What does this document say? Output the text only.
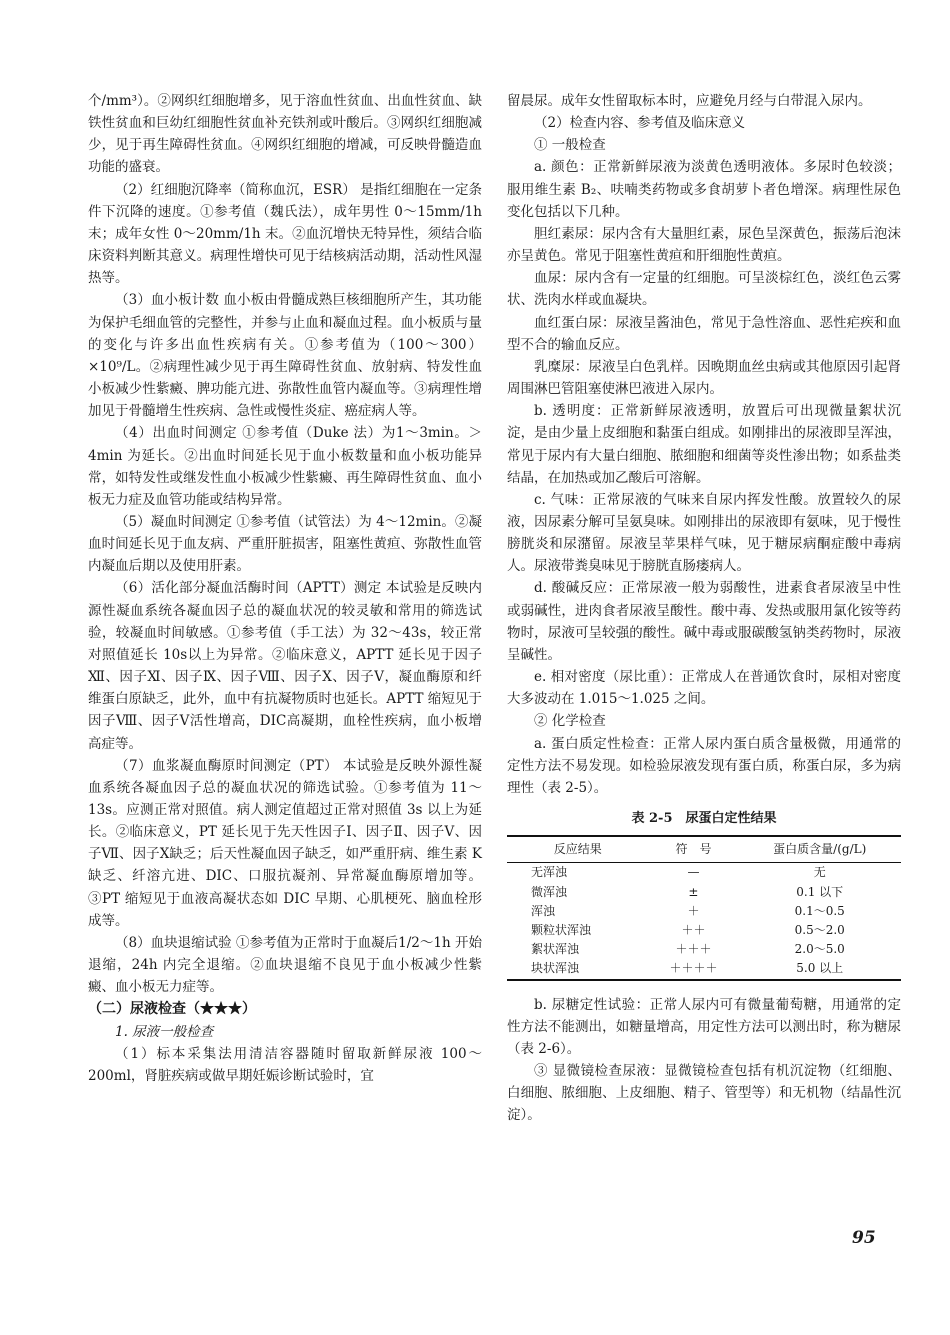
个/mm³）。②网织红细胞增多，见于溶血性贫血、出血性贫血、缺铁性贫血和巨幼红细胞性贫血补充铁剂或叶酸后。③网织红细胞减少，见于再生障碍性贫血。④网织红细胞的增减，可反映骨髓造血功能的盛衰。

（2）红细胞沉降率（简称血沉，ESR） 是指红细胞在一定条件下沉降的速度。①参考值（魏氏法），成年男性 0～15mm/1h 末；成年女性 0～20mm/1h 末。②血沉增快无特异性，须结合临床资料判断其意义。病理性增快可见于结核病活动期，活动性风湿热等。

（3）血小板计数 血小板由骨髓成熟巨核细胞所产生，其功能为保护毛细血管的完整性，并参与止血和凝血过程。血小板质与量的变化与许多出血性疾病有关。①参考值为（100～300）×10⁹/L。②病理性减少见于再生障碍性贫血、放射病、特发性血小板减少性紫癜、脾功能亢进、弥散性血管内凝血等。③病理性增加见于骨髓增生性疾病、急性或慢性炎症、癌症病人等。

（4）出血时间测定 ①参考值（Duke 法）为1～3min。＞4min 为延长。②出血时间延长见于血小板数量和血小板功能异常，如特发性或继发性血小板减少性紫癜、再生障碍性贫血、血小板无力症及血管功能或结构异常。

（5）凝血时间测定 ①参考值（试管法）为 4～12min。②凝血时间延长见于血友病、严重肝脏损害，阻塞性黄疸、弥散性血管内凝血后期以及使用肝素。

（6）活化部分凝血活酶时间（APTT）测定 本试验是反映内源性凝血系统各凝血因子总的凝血状况的较灵敏和常用的筛选试验，较凝血时间敏感。①参考值（手工法）为 32～43s，较正常对照值延长 10s以上为异常。②临床意义，APTT 延长见于因子Ⅻ、因子Ⅺ、因子Ⅸ、因子Ⅷ、因子Ⅹ、因子Ⅴ，凝血酶原和纤维蛋白原缺乏，此外，血中有抗凝物质时也延长。APTT 缩短见于因子Ⅷ、因子Ⅴ活性增高，DIC高凝期，血栓性疾病，血小板增高症等。

（7）血浆凝血酶原时间测定（PT） 本试验是反映外源性凝血系统各凝血因子总的凝血状况的筛选试验。①参考值为 11～13s。应测正常对照值。病人测定值超过正常对照值 3s 以上为延长。②临床意义，PT 延长见于先天性因子Ⅰ、因子Ⅱ、因子Ⅴ、因子Ⅶ、因子Ⅹ缺乏；后天性凝血因子缺乏，如严重肝病、维生素 K 缺乏、纤溶亢进、DIC、口服抗凝剂、异常凝血酶原增加等。③PT 缩短见于血液高凝状态如 DIC 早期、心肌梗死、脑血栓形成等。

（8）血块退缩试验 ①参考值为正常时于血凝后1/2～1h 开始退缩，24h 内完全退缩。②血块退缩不良见于血小板减少性紫癜、血小板无力症等。

（二）尿液检查（★★★）

1. 尿液一般检查

（1）标本采集法用清洁容器随时留取新鲜尿液 100～200ml，肾脏疾病或做早期妊娠诊断试验时，宜

留晨尿。成年女性留取标本时，应避免月经与白带混入尿内。

（2）检查内容、参考值及临床意义

① 一般检查

a. 颜色：正常新鲜尿液为淡黄色透明液体。多尿时色较淡；服用维生素 B₂、呋喃类药物或多食胡萝卜者色增深。病理性尿色变化包括以下几种。

胆红素尿：尿内含有大量胆红素，尿色呈深黄色，振荡后泡沫亦呈黄色。常见于阻塞性黄疸和肝细胞性黄疸。

血尿：尿内含有一定量的红细胞。可呈淡棕红色，淡红色云雾状、洗肉水样或血凝块。

血红蛋白尿：尿液呈酱油色，常见于急性溶血、恶性疟疾和血型不合的输血反应。

乳糜尿：尿液呈白色乳样。因晚期血丝虫病或其他原因引起肾周围淋巴管阻塞使淋巴液进入尿内。

b. 透明度：正常新鲜尿液透明，放置后可出现微量絮状沉淀，是由少量上皮细胞和黏蛋白组成。如刚排出的尿液即呈浑浊，常见于尿内有大量白细胞、脓细胞和细菌等炎性渗出物；如系盐类结晶，在加热或加乙酸后可溶解。

c. 气味：正常尿液的气味来自尿内挥发性酸。放置较久的尿液，因尿素分解可呈氨臭味。如刚排出的尿液即有氨味，见于慢性膀胱炎和尿潴留。尿液呈苹果样气味，见于糖尿病酮症酸中毒病人。尿液带粪臭味见于膀胱直肠瘘病人。

d. 酸碱反应：正常尿液一般为弱酸性，进素食者尿液呈中性或弱碱性，进肉食者尿液呈酸性。酸中毒、发热或服用氯化铵等药物时，尿液可呈较强的酸性。碱中毒或服碳酸氢钠类药物时，尿液呈碱性。

e. 相对密度（尿比重）：正常成人在普通饮食时，尿相对密度大多波动在 1.015～1.025 之间。

② 化学检查

a. 蛋白质定性检查：正常人尿内蛋白质含量极微，用通常的定性方法不易发现。如检验尿液发现有蛋白质，称蛋白尿，多为病理性（表 2-5）。

表 2-5　尿蛋白定性结果
反应结果	符　号	蛋白质含量/(g/L)
无浑浊	—	无
微浑浊	±	0.1 以下
浑浊	＋	0.1～0.5
颗粒状浑浊	＋＋	0.5～2.0
絮状浑浊	＋＋＋	2.0～5.0
块状浑浊	＋＋＋＋	5.0 以上

b. 尿糖定性试验：正常人尿内可有微量葡萄糖，用通常的定性方法不能测出，如糖量增高，用定性方法可以测出时，称为糖尿（表 2-6）。

③ 显微镜检查尿液：显微镜检查包括有机沉淀物（红细胞、白细胞、脓细胞、上皮细胞、精子、管型等）和无机物（结晶性沉淀）。

95
